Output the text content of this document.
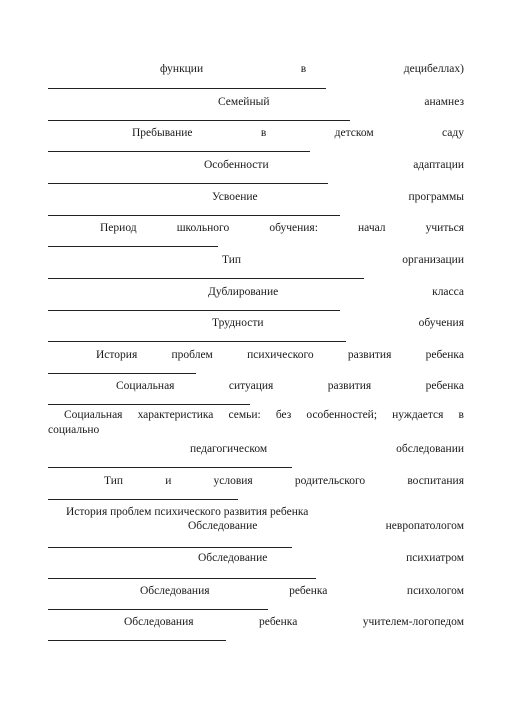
функции	в	децибеллах)
Семейный	анамнез
Пребывание	в	детском	саду
Особенности	адаптации
Усвоение	программы
Период	школьного	обучения:	начал	учиться
Тип	организации
Дублирование	класса
Трудности	обучения
История	проблем	психического	развития	ребенка
Социальная	ситуация	развития	ребенка
Социальная характеристика семьи: без особенностей; нуждается в
социально
педагогическом	обследовании
Тип	и	условия	родительского	воспитания
История проблем психического развития ребенка
Обследование	невропатологом
Обследование	психиатром
Обследования	ребенка	психологом
Обследования	ребенка	учителем-логопедом
